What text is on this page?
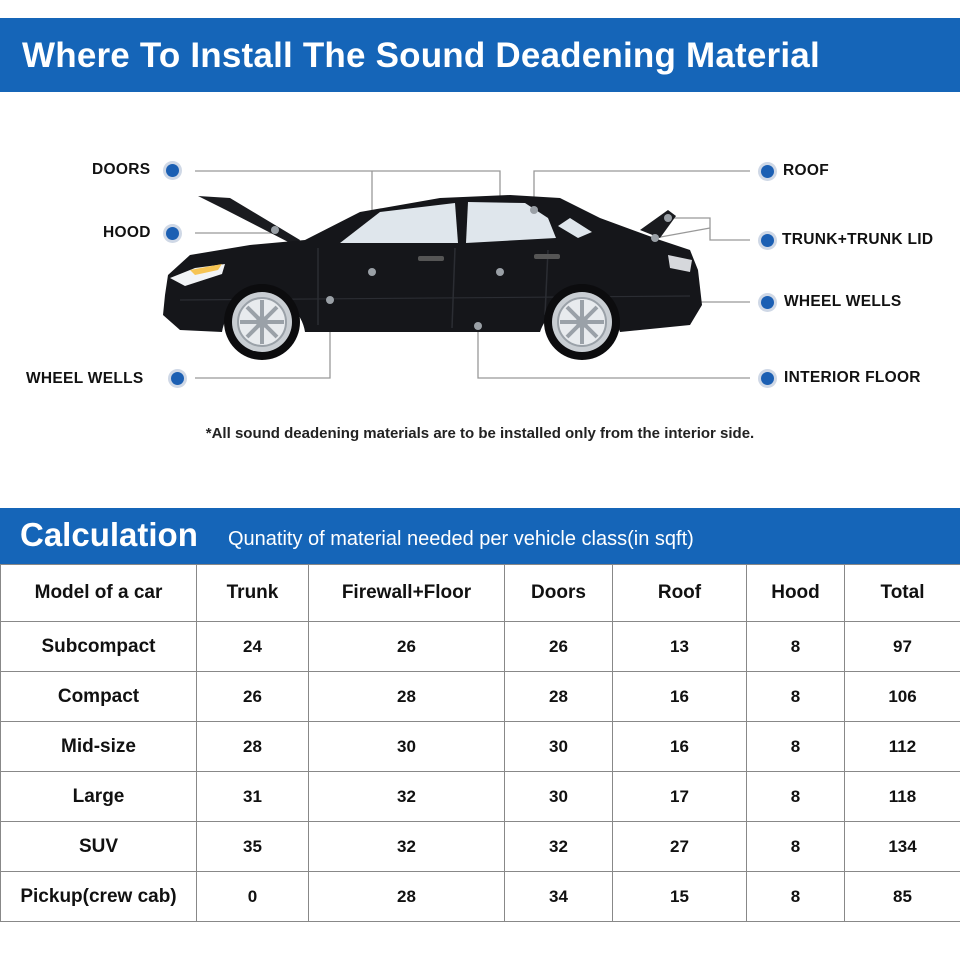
Where To Install The Sound Deadening Material
DOORS
HOOD
WHEEL WELLS
ROOF
TRUNK+TRUNK LID
WHEEL WELLS
INTERIOR FLOOR
*All sound deadening materials are to be installed only from the interior side.
Calculation Qunatity of material needed per vehicle class(in sqft)
Model of a car	Trunk	Firewall+Floor	Doors	Roof	Hood	Total
Subcompact	24	26	26	13	8	97
Compact	26	28	28	16	8	106
Mid-size	28	30	30	16	8	112
Large	31	32	30	17	8	118
SUV	35	32	32	27	8	134
Pickup(crew cab)	0	28	34	15	8	85
